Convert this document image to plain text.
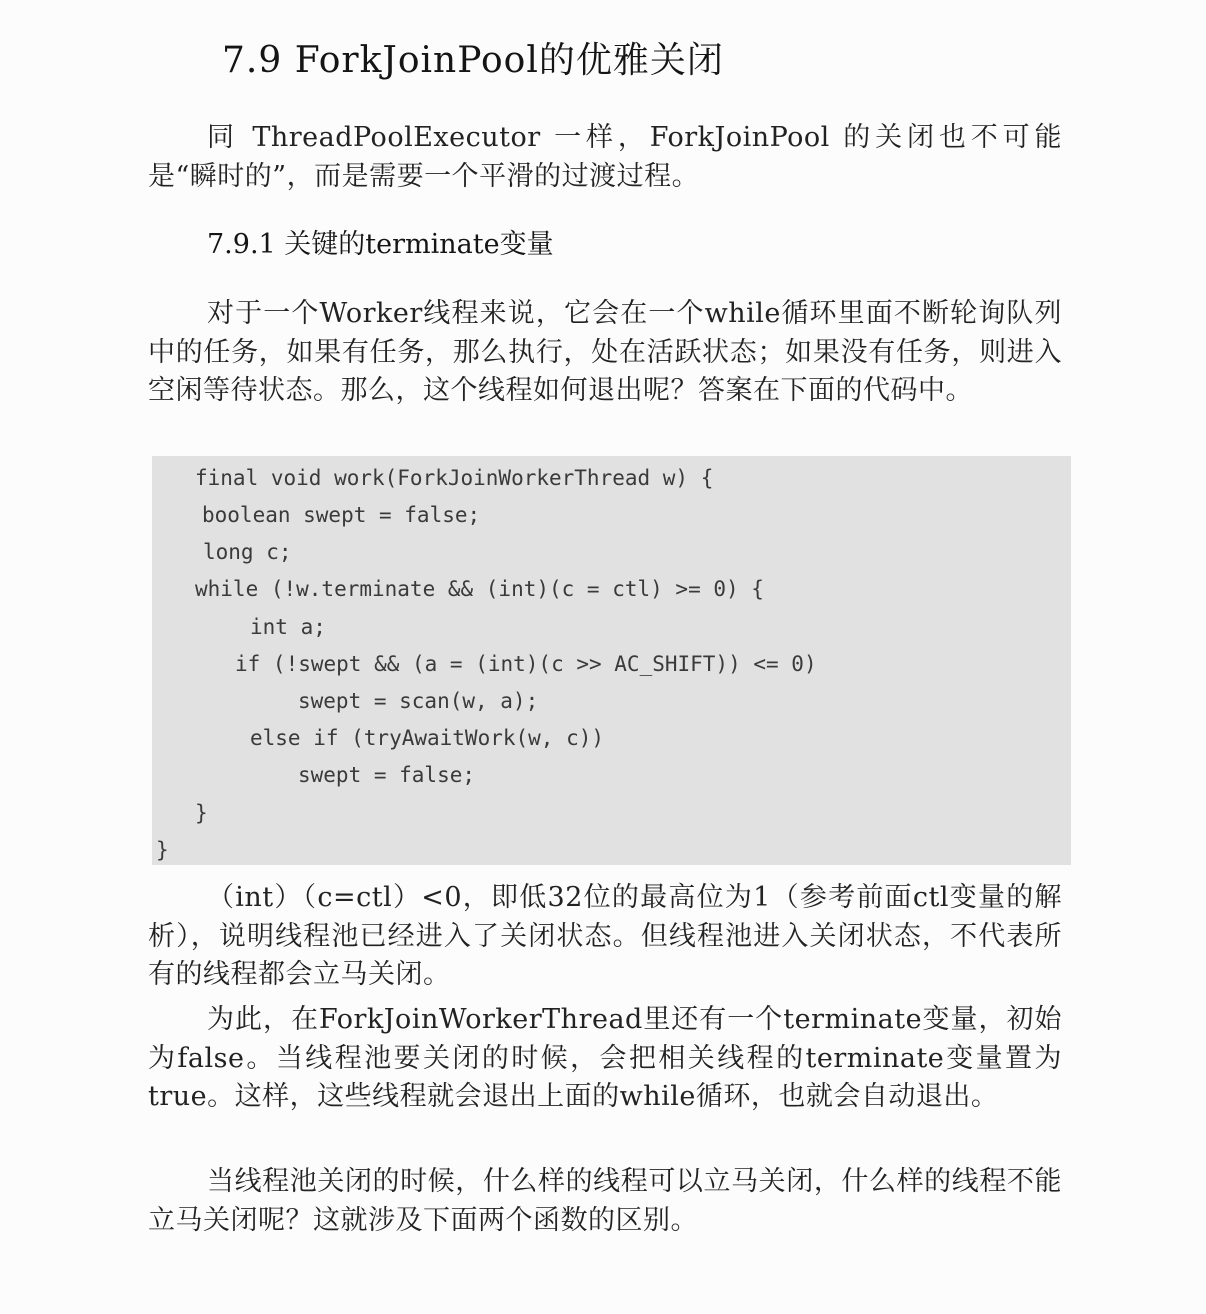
7.9 ForkJoinPool的优雅关闭

同 ThreadPoolExecutor 一样，ForkJoinPool 的关闭也不可能是“瞬时的”，而是需要一个平滑的过渡过程。

7.9.1 关键的terminate变量

对于一个Worker线程来说，它会在一个while循环里面不断轮询队列中的任务，如果有任务，那么执行，处在活跃状态；如果没有任务，则进入空闲等待状态。那么，这个线程如何退出呢？答案在下面的代码中。

final void work(ForkJoinWorkerThread w) {
boolean swept = false;
long c;
while (!w.terminate && (int)(c = ctl) >= 0) {
int a;
if (!swept && (a = (int)(c >> AC_SHIFT)) <= 0)
swept = scan(w, a);
else if (tryAwaitWork(w, c))
swept = false;
}
}

（int）（c=ctl）<0，即低32位的最高位为1（参考前面ctl变量的解析），说明线程池已经进入了关闭状态。但线程池进入关闭状态，不代表所有的线程都会立马关闭。

为此，在ForkJoinWorkerThread里还有一个terminate变量，初始为false。当线程池要关闭的时候，会把相关线程的terminate变量置为true。这样，这些线程就会退出上面的while循环，也就会自动退出。

当线程池关闭的时候，什么样的线程可以立马关闭，什么样的线程不能立马关闭呢？这就涉及下面两个函数的区别。
